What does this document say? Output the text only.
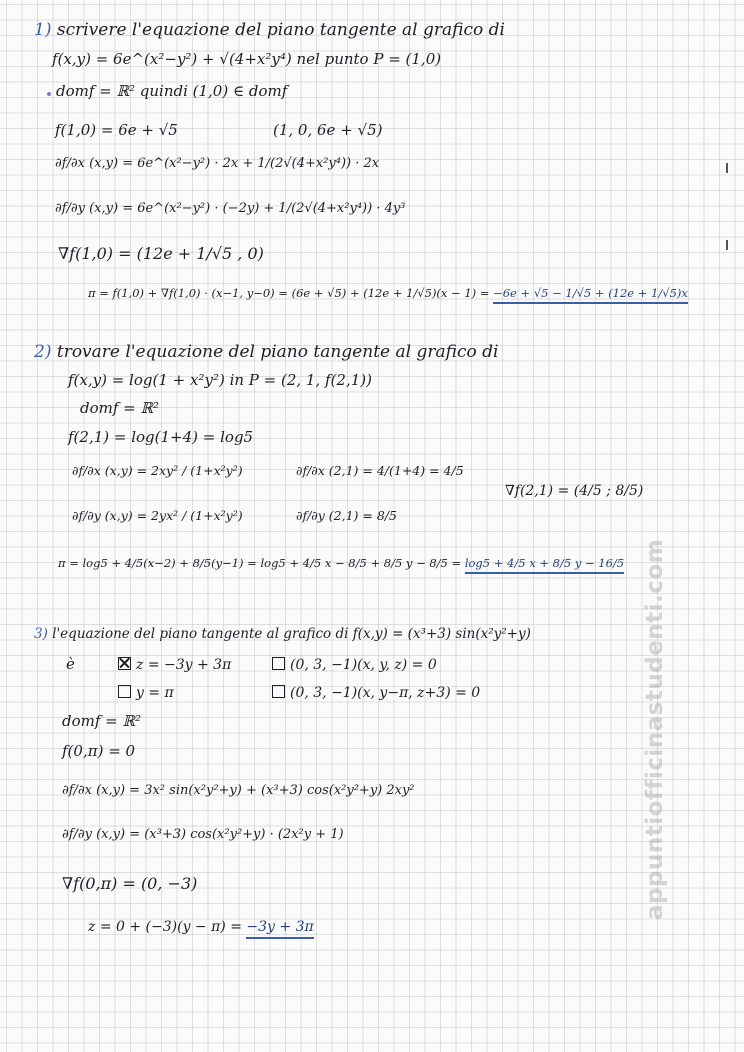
appuntiofficinastudenti.com
1) scrivere l'equazione del piano tangente al grafico di
f(x,y) = 6e^(x²−y²) + √(4+x²y⁴) nel punto P = (1,0)
domf = ℝ² quindi (1,0) ∈ domf
f(1,0) = 6e + √5	(1, 0, 6e + √5)
∂f/∂x (x,y) = 6e^(x²−y²) · 2x + 1/(2√(4+x²y⁴)) · 2x
∂f/∂y (x,y) = 6e^(x²−y²) · (−2y) + 1/(2√(4+x²y⁴)) · 4y³
∇f(1,0) = (12e + 1/√5 , 0)
π = f(1,0) + ∇f(1,0) · (x−1, y−0) = (6e + √5) + (12e + 1/√5)(x − 1) = −6e + √5 − 1/√5 + (12e + 1/√5)x
2) trovare l'equazione del piano tangente al grafico di
f(x,y) = log(1 + x²y²) in P = (2, 1, f(2,1))
domf = ℝ²
f(2,1) = log(1+4) = log5
∂f/∂x (x,y) = 2xy² / (1+x²y²)	∂f/∂x (2,1) = 4/(1+4) = 4/5
∇f(2,1) = (4/5 ; 8/5)
∂f/∂y (x,y) = 2yx² / (1+x²y²)	∂f/∂y (2,1) = 8/5
π = log5 + 4/5(x−2) + 8/5(y−1) = log5 + 4/5 x − 8/5 + 8/5 y − 8/5 = log5 + 4/5 x + 8/5 y − 16/5
3) l'equazione del piano tangente al grafico di f(x,y) = (x³+3) sin(x²y²+y)
è	z = −3y + 3π	(0, 3, −1)(x, y, z) = 0
y = π	(0, 3, −1)(x, y−π, z+3) = 0
domf = ℝ²
f(0,π) = 0
∂f/∂x (x,y) = 3x² sin(x²y²+y) + (x³+3) cos(x²y²+y) 2xy²
∂f/∂y (x,y) = (x³+3) cos(x²y²+y) · (2x²y + 1)
∇f(0,π) = (0, −3)
z = 0 + (−3)(y − π) = −3y + 3π
